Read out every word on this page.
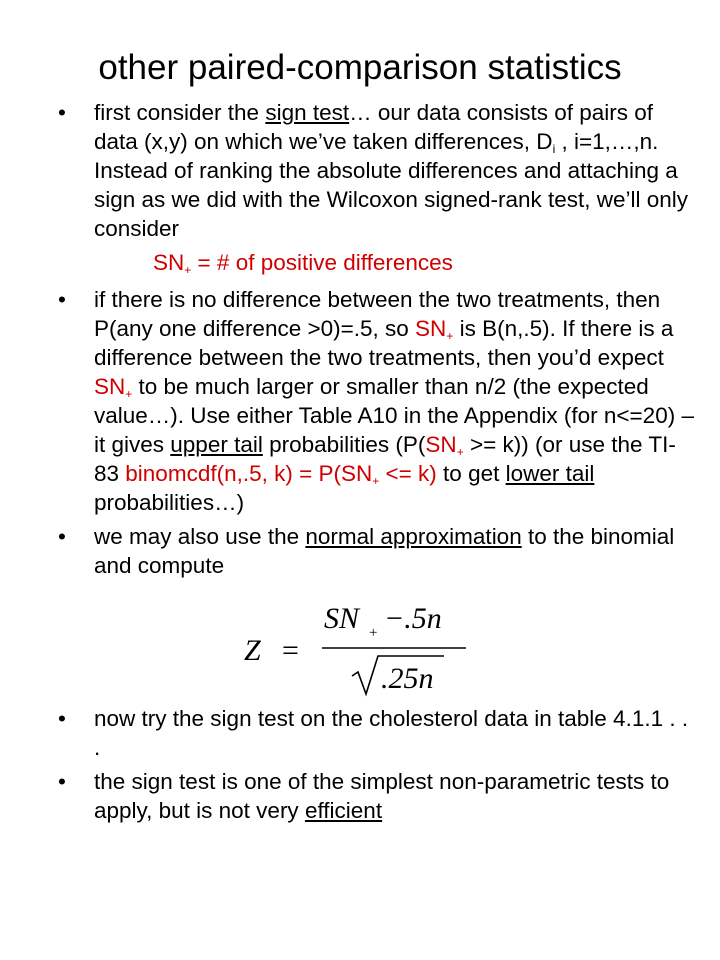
other paired-comparison statistics
• first consider the sign test… our data consists of pairs of data (x,y) on which we’ve taken differences, $D_i$ , i=1,…,n. Instead of ranking the absolute differences and attaching a sign as we did with the Wilcoxon signed-rank test, we’ll only consider
$SN_+$ = # of positive differences
• if there is no difference between the two treatments, then P(any one difference >0)=.5, so $SN_+$ is B(n,.5). If there is a difference between the two treatments, then you’d expect $SN_+$ to be much larger or smaller than n/2 (the expected value…). Use either Table A10 in the Appendix (for n<=20) – it gives upper tail probabilities $(P(SN_+ >= k))$ (or use the TI-83 binomcdf(n,.5, $k) = P(SN_+ <= k)$ to get lower tail probabilities…)
• we may also use the normal approximation to the binomial and compute
Z =
SN + −.5n
.25n
• now try the sign test on the cholesterol data in table 4.1.1 . . .
• the sign test is one of the simplest non-parametric tests to apply, but is not very efficient
